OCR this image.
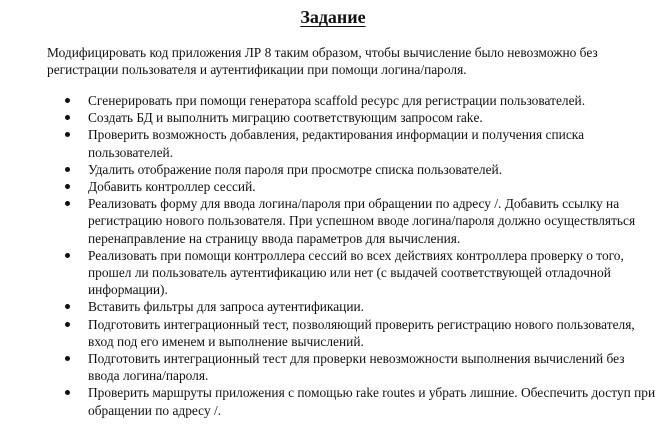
Задание
Модифицировать код приложения ЛР 8 таким образом, чтобы вычисление было невозможно без регистрации пользователя и аутентификации при помощи логина/пароля.
Сгенерировать при помощи генератора scaffold ресурс для регистрации пользователей.
Создать БД и выполнить миграцию соответствующим запросом rake.
Проверить возможность добавления, редактирования информации и получения списка пользователей.
Удалить отображение поля пароля при просмотре списка пользователей.
Добавить контроллер сессий.
Реализовать форму для ввода логина/пароля при обращении по адресу /. Добавить ссылку на регистрацию нового пользователя. При успешном вводе логина/пароля должно осуществляться перенаправление на страницу ввода параметров для вычисления.
Реализовать при помощи контроллера сессий во всех действиях контроллера проверку о того, прошел ли пользователь аутентификацию или нет (с выдачей соответствующей отладочной информации).
Вставить фильтры для запроса аутентификации.
Подготовить интеграционный тест, позволяющий проверить регистрацию нового пользователя, вход под его именем и выполнение вычислений.
Подготовить интеграционный тест для проверки невозможности выполнения вычислений без ввода логина/пароля.
Проверить маршруты приложения с помощью rake routes и убрать лишние. Обеспечить доступ при обращении по адресу /.
